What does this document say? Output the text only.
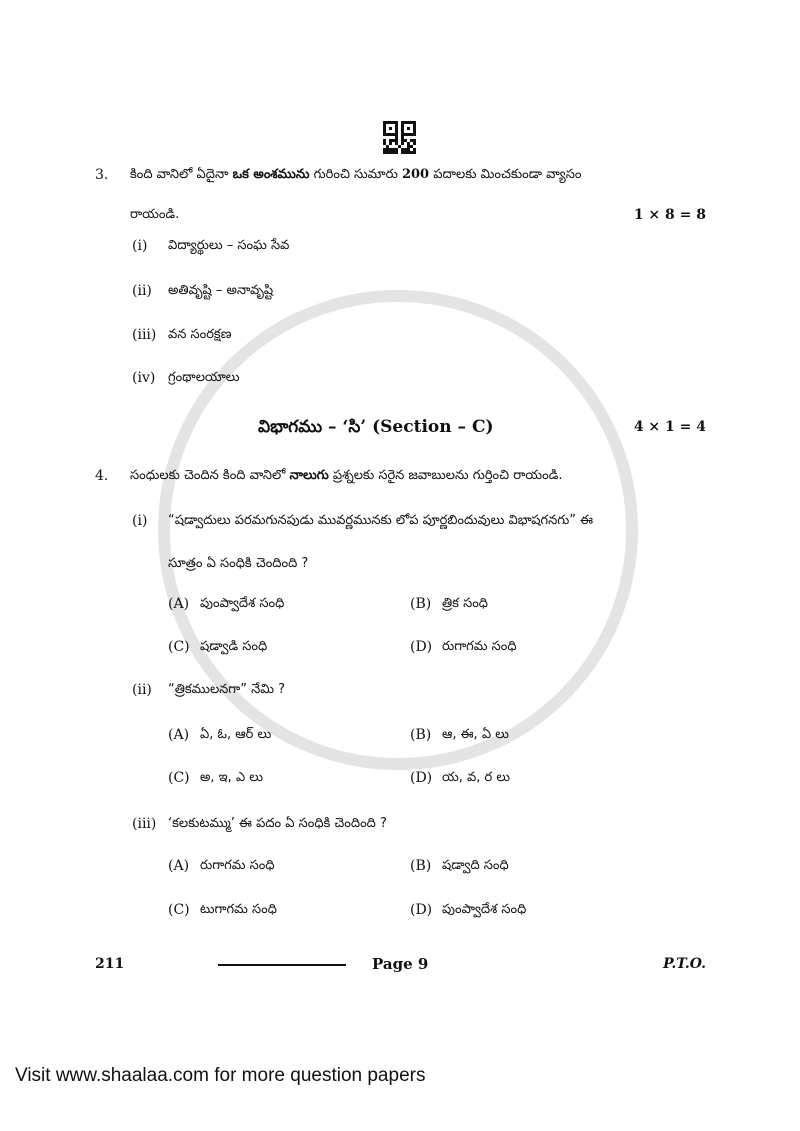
3. కింది వానిలో ఏదైనా ఒక అంశమును గురించి సుమారు 200 పదాలకు మించకుండా వ్యాసం
రాయండి.	1 × 8 = 8
విభాగము – ‘సి’ (Section – C)	4 × 1 = 4
4. సంధులకు చెందిన కింది వానిలో నాలుగు ప్రశ్నలకు సరైన జవాబులను గుర్తించి రాయండి.
211	Page 9	P.T.O.
Visit www.shaalaa.com for more question papers
(i) విద్యార్థులు – సంఘ సేవ
(ii) అతివృష్టి – అనావృష్టి
(iii) వన సంరక్షణ
(iv) గ్రంథాలయాలు
(i) “షడ్వాదులు పరమగునపుడు మువర్ణమునకు లోప పూర్ణబిందువులు విభాషగనగు” ఈ
సూత్రం ఏ సంధికి చెందింది ?
(A) పుంప్వాదేశ సంధి	(B) త్రిక సంధి
(C) షడ్వాడి సంధి	(D) రుగాగమ సంధి
(ii) “త్రికములనగా” నేమి ?
(A) ఏ, ఓ, ఆర్ లు	(B) ఆ, ఈ, ఏ లు
(C) అ, ఇ, ఎ లు	(D) య, వ, ర లు
(iii) ‘కలకుటమ్ము’ ఈ పదం ఏ సంధికి చెందింది ?
(A) రుగాగమ సంధి	(B) షడ్వాది సంధి
(C) టుగాగమ సంధి	(D) పుంప్వాదేశ సంధి
